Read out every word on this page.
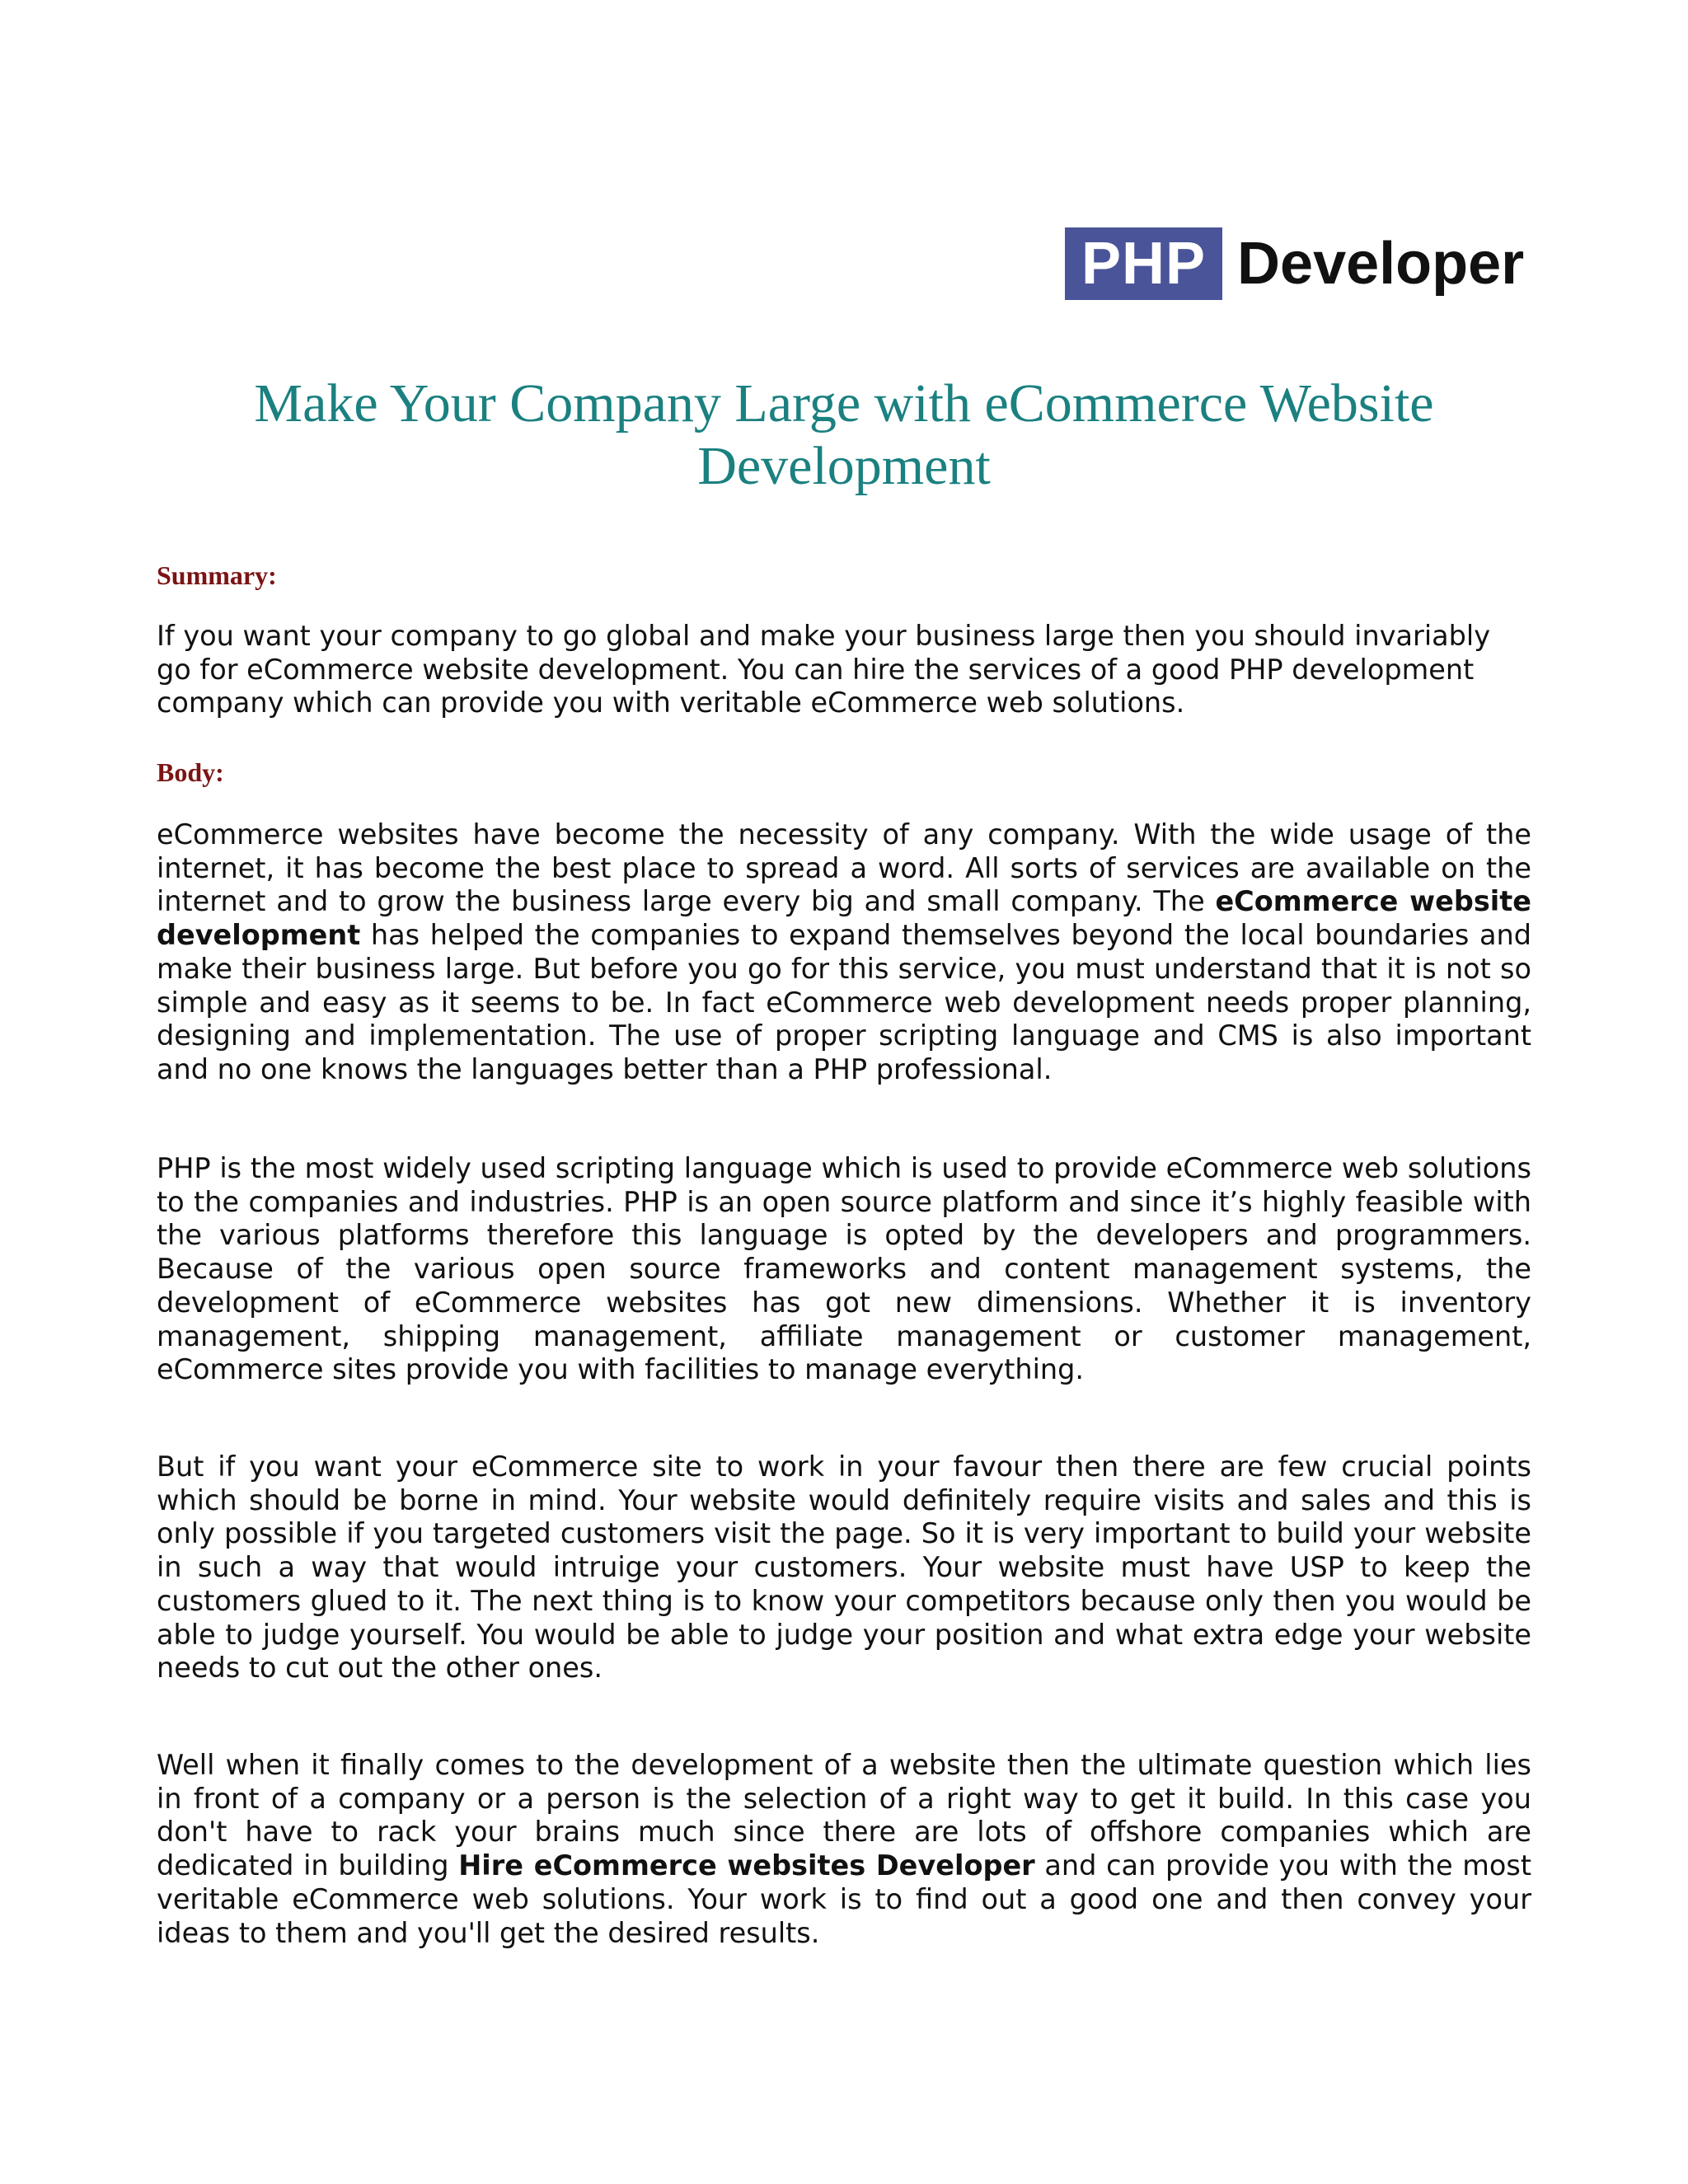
PHP Developer
Make Your Company Large with eCommerce Website Development
Summary:

If you want your company to go global and make your business large then you should invariably go for eCommerce website development. You can hire the services of a good PHP development company which can provide you with veritable eCommerce web solutions.

Body:

eCommerce websites have become the necessity of any company. With the wide usage of the internet, it has become the best place to spread a word. All sorts of services are available on the internet and to grow the business large every big and small company. The eCommerce website development has helped the companies to expand themselves beyond the local boundaries and make their business large. But before you go for this service, you must understand that it is not so simple and easy as it seems to be. In fact eCommerce web development needs proper planning, designing and implementation. The use of proper scripting language and CMS is also important and no one knows the languages better than a PHP professional.

PHP is the most widely used scripting language which is used to provide eCommerce web solutions to the companies and industries. PHP is an open source platform and since it’s highly feasible with the various platforms therefore this language is opted by the developers and programmers. Because of the various open source frameworks and content management systems, the development of eCommerce websites has got new dimensions. Whether it is inventory management, shipping management, affiliate management or customer management, eCommerce sites provide you with facilities to manage everything.

But if you want your eCommerce site to work in your favour then there are few crucial points which should be borne in mind. Your website would definitely require visits and sales and this is only possible if you targeted customers visit the page. So it is very important to build your website in such a way that would intruige your customers. Your website must have USP to keep the customers glued to it. The next thing is to know your competitors because only then you would be able to judge yourself. You would be able to judge your position and what extra edge your website needs to cut out the other ones.

Well when it finally comes to the development of a website then the ultimate question which lies in front of a company or a person is the selection of a right way to get it build. In this case you don't have to rack your brains much since there are lots of offshore companies which are dedicated in building Hire eCommerce websites Developer and can provide you with the most veritable eCommerce web solutions. Your work is to find out a good one and then convey your ideas to them and you'll get the desired results.
